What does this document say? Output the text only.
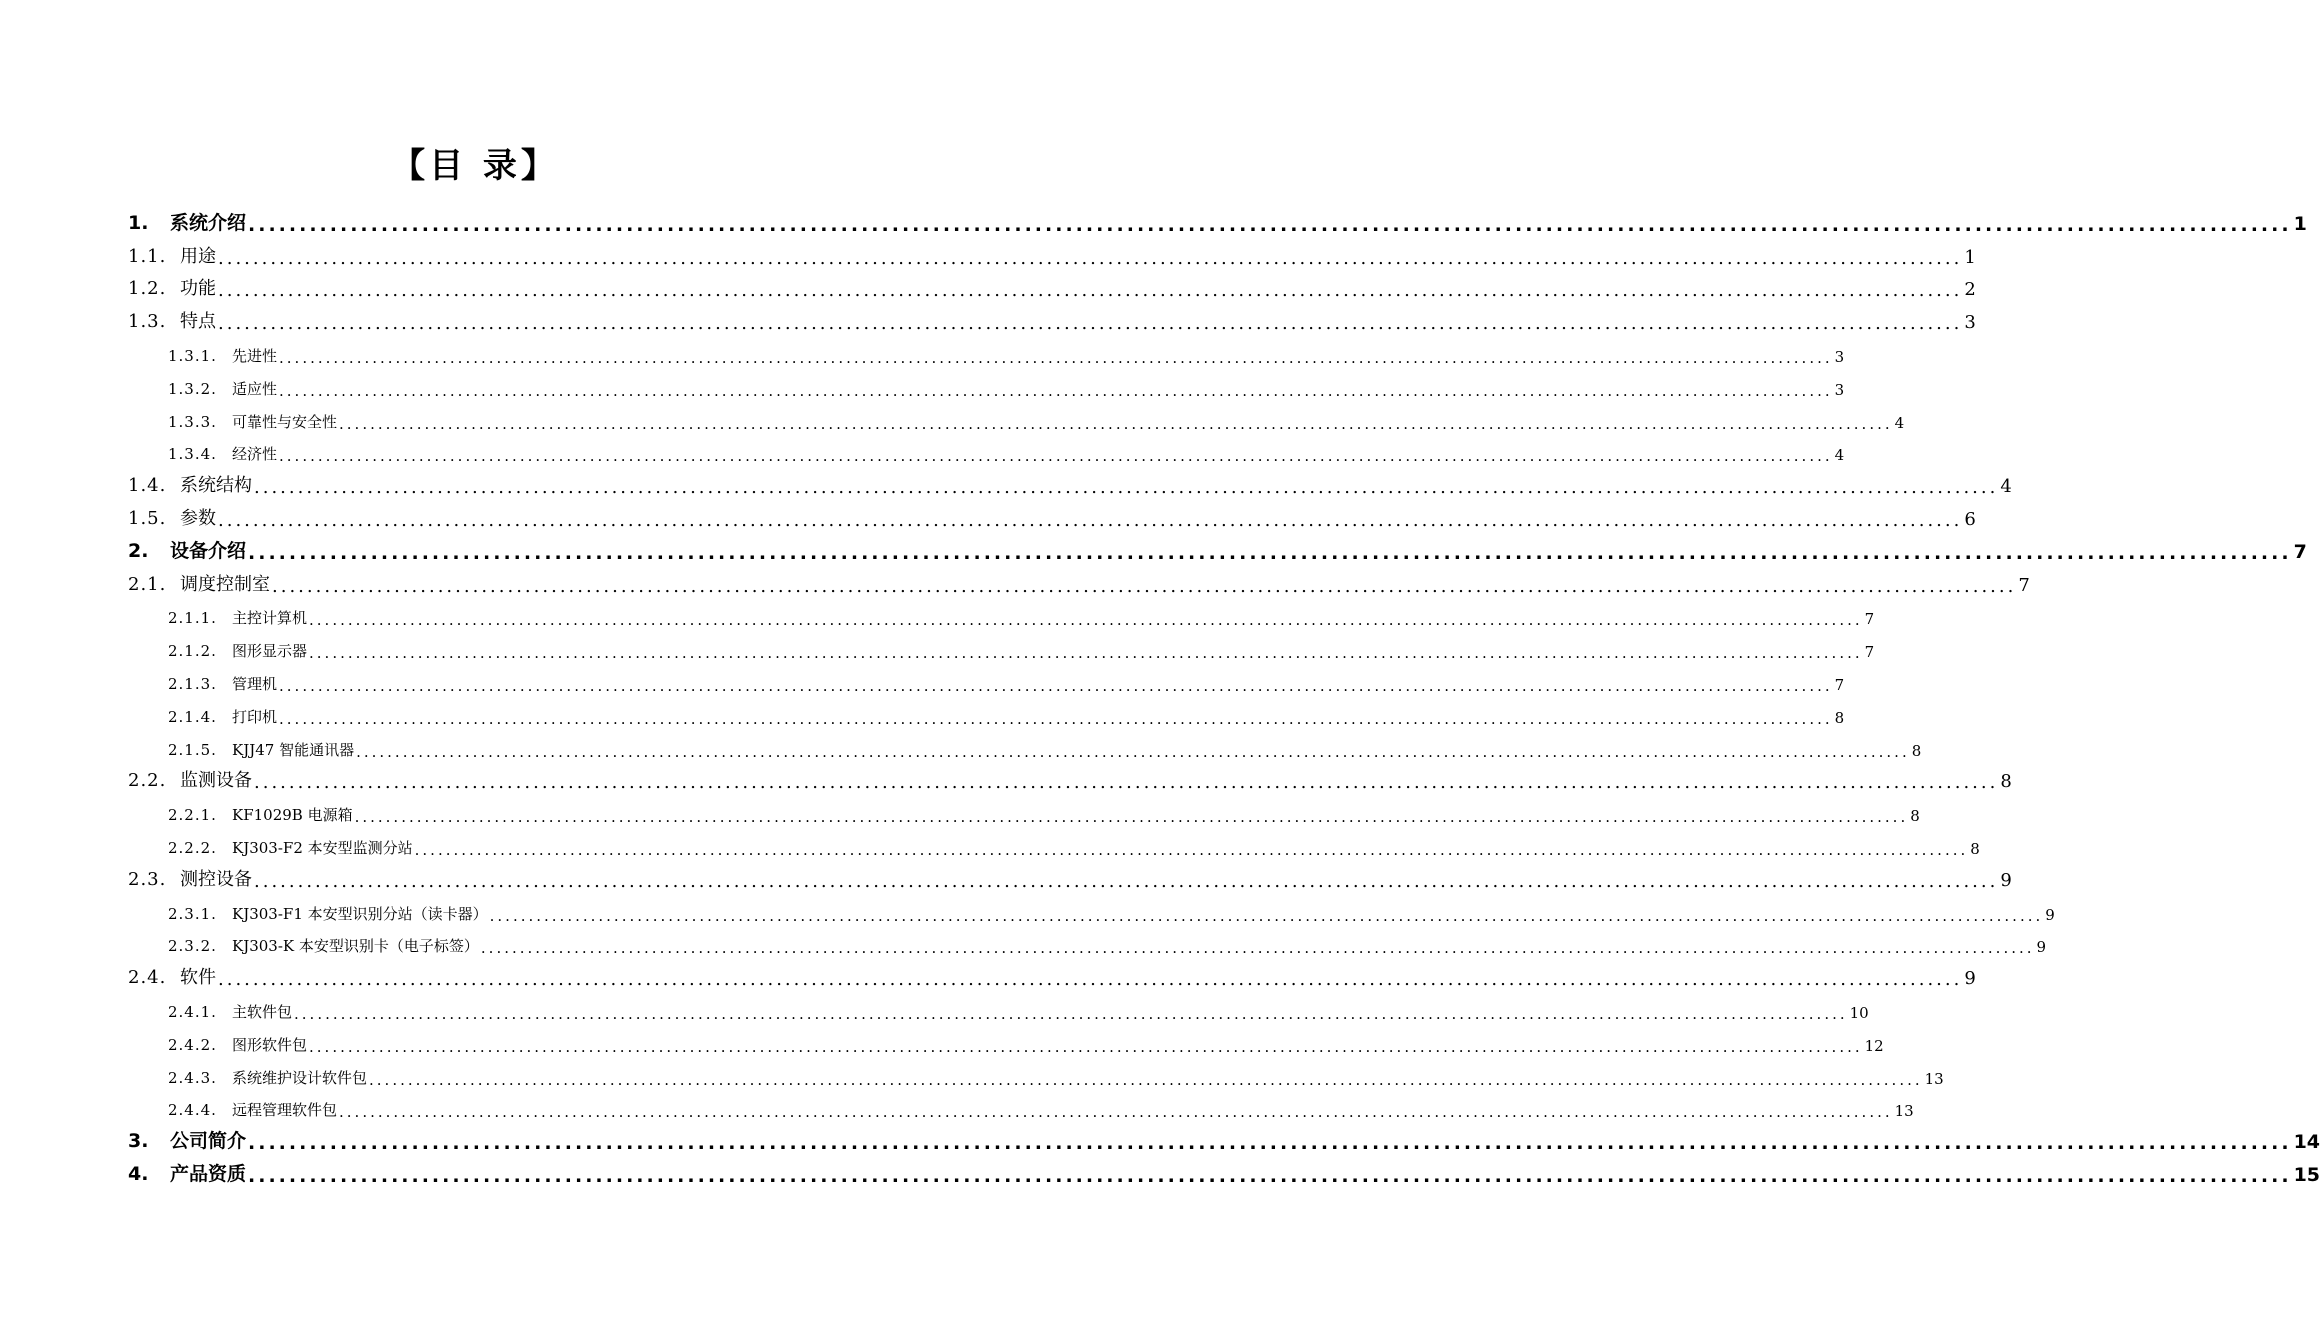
【目 录】
1. 系统介绍 ........................................................................................................................................................................................................ 1
1.1. 用途 ........................................................................................................................................................................................................ 1
1.2. 功能 ........................................................................................................................................................................................................ 2
1.3. 特点 ........................................................................................................................................................................................................ 3
1.3.1. 先进性 ........................................................................................................................................................................................................ 3
1.3.2. 适应性 ........................................................................................................................................................................................................ 3
1.3.3. 可靠性与安全性 ........................................................................................................................................................................................................ 4
1.3.4. 经济性 ........................................................................................................................................................................................................ 4
1.4. 系统结构 ........................................................................................................................................................................................................ 4
1.5. 参数 ........................................................................................................................................................................................................ 6
2. 设备介绍 ........................................................................................................................................................................................................ 7
2.1. 调度控制室 ........................................................................................................................................................................................................ 7
2.1.1. 主控计算机 ........................................................................................................................................................................................................ 7
2.1.2. 图形显示器 ........................................................................................................................................................................................................ 7
2.1.3. 管理机 ........................................................................................................................................................................................................ 7
2.1.4. 打印机 ........................................................................................................................................................................................................ 8
2.1.5. KJJ47 智能通讯器 ........................................................................................................................................................................................................ 8
2.2. 监测设备 ........................................................................................................................................................................................................ 8
2.2.1. KF1029B 电源箱 ........................................................................................................................................................................................................ 8
2.2.2. KJ303-F2 本安型监测分站 ........................................................................................................................................................................................................ 8
2.3. 测控设备 ........................................................................................................................................................................................................ 9
2.3.1. KJ303-F1 本安型识别分站（读卡器） ........................................................................................................................................................................................................ 9
2.3.2. KJ303-K 本安型识别卡（电子标签） ........................................................................................................................................................................................................ 9
2.4. 软件 ........................................................................................................................................................................................................ 9
2.4.1. 主软件包 ........................................................................................................................................................................................................ 10
2.4.2. 图形软件包 ........................................................................................................................................................................................................ 12
2.4.3. 系统维护设计软件包 ........................................................................................................................................................................................................ 13
2.4.4. 远程管理软件包 ........................................................................................................................................................................................................ 13
3. 公司简介 ........................................................................................................................................................................................................ 14
4. 产品资质 ........................................................................................................................................................................................................ 15
